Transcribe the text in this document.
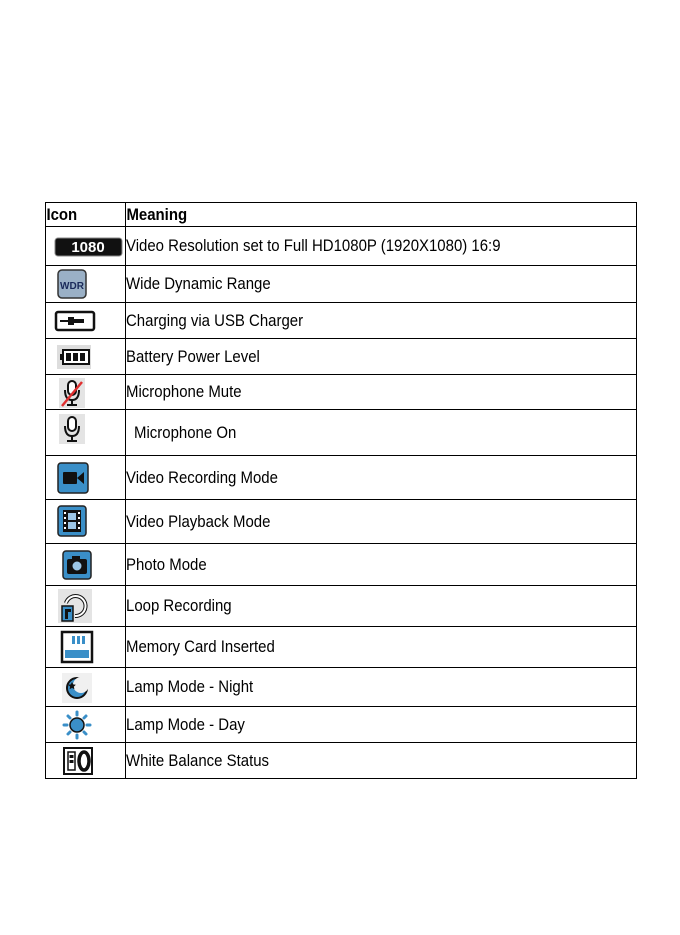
Icon	Meaning

1080	Video Resolution set to Full HD1080P (1920X1080) 16:9

WDR	Wide Dynamic Range

	Charging via USB Charger

	Battery Power Level

	Microphone Mute

	Microphone On

	Video Recording Mode

	Video Playback Mode

	Photo Mode

	Loop Recording

	Memory Card Inserted

	Lamp Mode - Night

	Lamp Mode - Day

	White Balance Status
